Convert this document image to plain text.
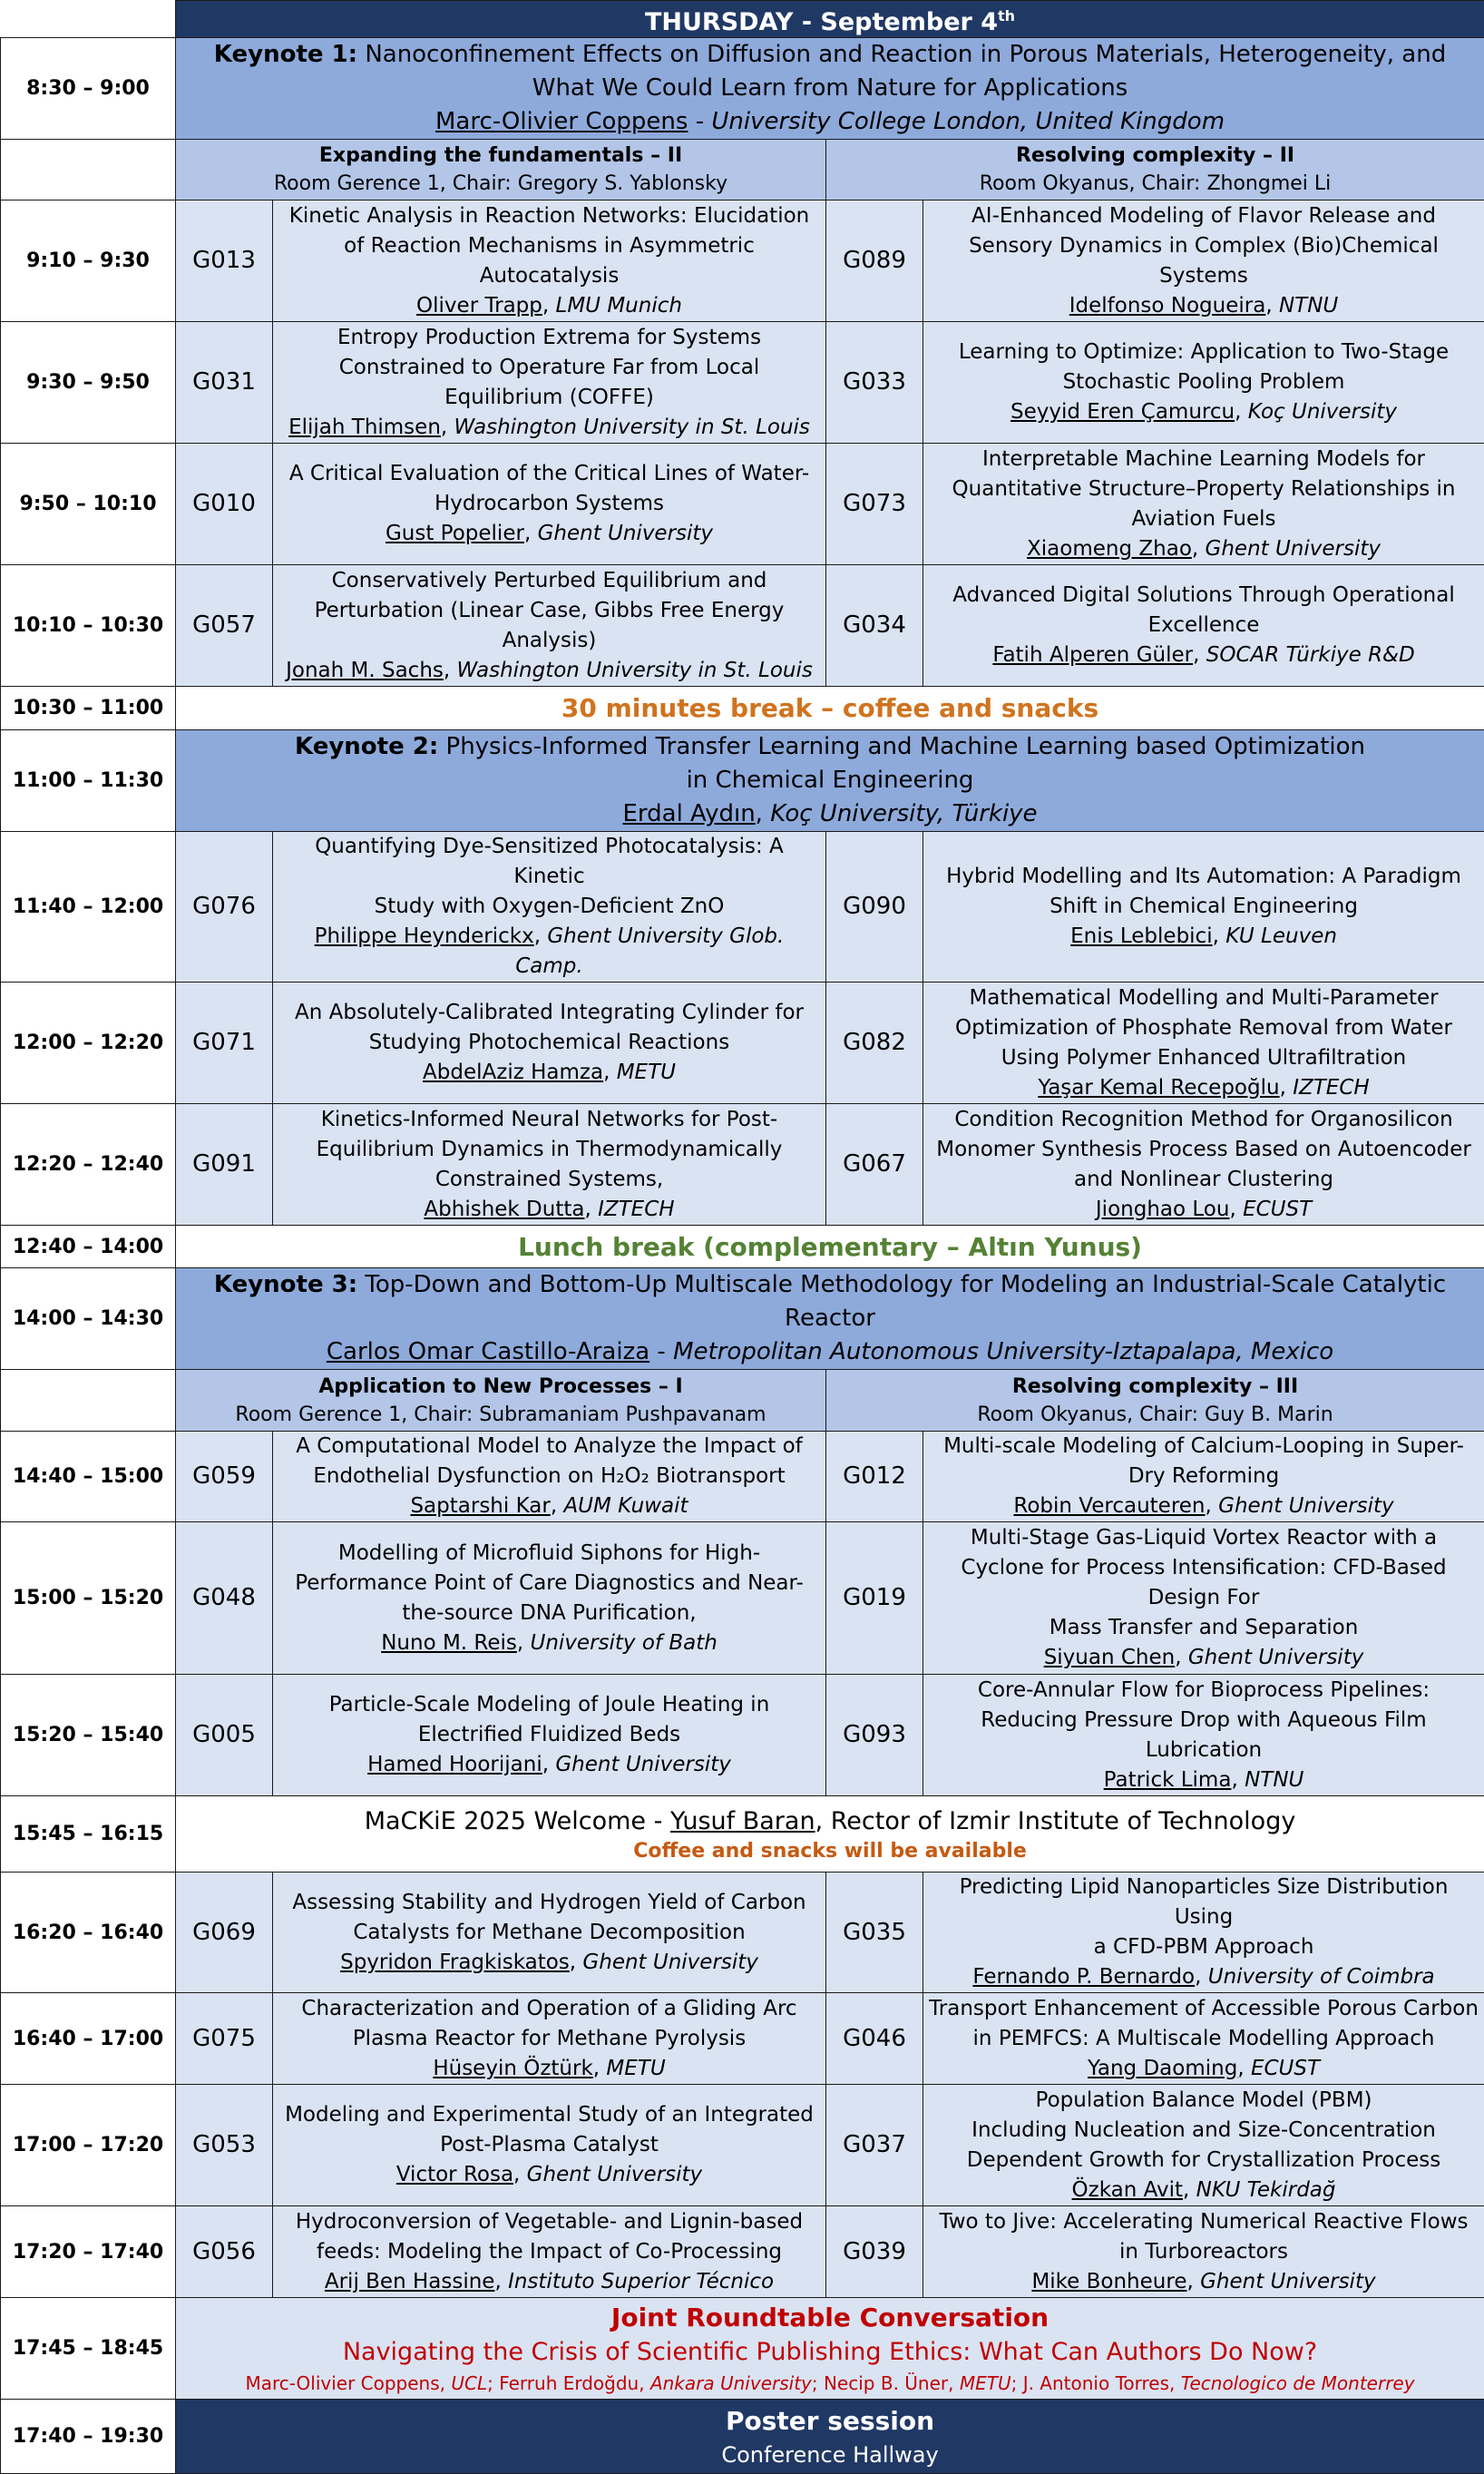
	THURSDAY - September 4th
8:30 – 9:00	Keynote 1: Nanoconfinement Effects on Diffusion and Reaction in Porous Materials, Heterogeneity, and What We Could Learn from Nature for Applications
Marc-Olivier Coppens - University College London, United Kingdom			

	Expanding the fundamentals – II
Room Gerence 1, Chair: Gregory S. Yablonsky		Resolving complexity – II
Room Okyanus, Chair: Zhongmei Li	

9:10 – 9:30	G013	Kinetic Analysis in Reaction Networks: Elucidation
of Reaction Mechanisms in Asymmetric
Autocatalysis
Oliver Trapp, LMU Munich	G089	AI-Enhanced Modeling of Flavor Release and
Sensory Dynamics in Complex (Bio)Chemical Systems
Idelfonso Nogueira, NTNU

9:30 – 9:50	G031	Entropy Production Extrema for Systems
Constrained to Operature Far from Local
Equilibrium (COFFE)
Elijah Thimsen, Washington University in St. Louis	G033	Learning to Optimize: Application to Two-Stage
Stochastic Pooling Problem
Seyyid Eren Çamurcu, Koç University

9:50 – 10:10	G010	A Critical Evaluation of the Critical Lines of Water-
Hydrocarbon Systems
Gust Popelier, Ghent University	G073	Interpretable Machine Learning Models for
Quantitative Structure–Property Relationships in
Aviation Fuels
Xiaomeng Zhao, Ghent University

10:10 – 10:30	G057	Conservatively Perturbed Equilibrium and
Perturbation (Linear Case, Gibbs Free Energy
Analysis)
Jonah M. Sachs, Washington University in St. Louis	G034	Advanced Digital Solutions Through Operational
Excellence
Fatih Alperen Güler, SOCAR Türkiye R&D

10:30 – 11:00	30 minutes break – coffee and snacks			
11:00 – 11:30	Keynote 2: Physics-Informed Transfer Learning and Machine Learning based Optimization
in Chemical Engineering
Erdal Aydın, Koç University, Türkiye			
11:40 – 12:00	G076	Quantifying Dye-Sensitized Photocatalysis: A Kinetic
Study with Oxygen-Deficient ZnO
Philippe Heynderickx, Ghent University Glob. Camp.	G090	Hybrid Modelling and Its Automation: A Paradigm
Shift in Chemical Engineering
Enis Leblebici, KU Leuven

12:00 – 12:20	G071	An Absolutely-Calibrated Integrating Cylinder for
Studying Photochemical Reactions
AbdelAziz Hamza, METU	G082	Mathematical Modelling and Multi-Parameter
Optimization of Phosphate Removal from Water
Using Polymer Enhanced Ultrafiltration
Yaşar Kemal Recepoğlu, IZTECH

12:20 – 12:40	G091	Kinetics-Informed Neural Networks for Post-
Equilibrium Dynamics in Thermodynamically
Constrained Systems,
Abhishek Dutta, IZTECH	G067	Condition Recognition Method for Organosilicon
Monomer Synthesis Process Based on Autoencoder
and Nonlinear Clustering
Jionghao Lou, ECUST

12:40 – 14:00	Lunch break (complementary – Altın Yunus)			
14:00 – 14:30	Keynote 3: Top-Down and Bottom-Up Multiscale Methodology for Modeling an Industrial-Scale Catalytic Reactor
Carlos Omar Castillo-Araiza - Metropolitan Autonomous University-Iztapalapa, Mexico			

	Application to New Processes – I
Room Gerence 1, Chair: Subramaniam Pushpavanam		Resolving complexity – III
Room Okyanus, Chair: Guy B. Marin	

14:40 – 15:00	G059	A Computational Model to Analyze the Impact of
Endothelial Dysfunction on H₂O₂ Biotransport
Saptarshi Kar, AUM Kuwait	G012	Multi-scale Modeling of Calcium-Looping in Super-
Dry Reforming
Robin Vercauteren, Ghent University

15:00 – 15:20	G048	Modelling of Microfluid Siphons for High-
Performance Point of Care Diagnostics and Near-
the-source DNA Purification,
Nuno M. Reis, University of Bath	G019	Multi-Stage Gas-Liquid Vortex Reactor with a
Cyclone for Process Intensification: CFD-Based
Design For
Mass Transfer and Separation
Siyuan Chen, Ghent University

15:20 – 15:40	G005	Particle-Scale Modeling of Joule Heating in
Electrified Fluidized Beds
Hamed Hoorijani, Ghent University	G093	Core-Annular Flow for Bioprocess Pipelines:
Reducing Pressure Drop with Aqueous Film
Lubrication
Patrick Lima, NTNU

15:45 – 16:15	MaCKiE 2025 Welcome - Yusuf Baran, Rector of Izmir Institute of Technology
Coffee and snacks will be available			

16:20 – 16:40	G069	Assessing Stability and Hydrogen Yield of Carbon
Catalysts for Methane Decomposition
Spyridon Fragkiskatos, Ghent University	G035	Predicting Lipid Nanoparticles Size Distribution Using
a CFD-PBM Approach
Fernando P. Bernardo, University of Coimbra

16:40 – 17:00	G075	Characterization and Operation of a Gliding Arc
Plasma Reactor for Methane Pyrolysis
Hüseyin Öztürk, METU	G046	Transport Enhancement of Accessible Porous Carbon
in PEMFCS: A Multiscale Modelling Approach
Yang Daoming, ECUST

17:00 – 17:20	G053	Modeling and Experimental Study of an Integrated
Post-Plasma Catalyst
Victor Rosa, Ghent University	G037	Population Balance Model (PBM)
Including Nucleation and Size-Concentration
Dependent Growth for Crystallization Process
Özkan Avit, NKU Tekirdağ

17:20 – 17:40	G056	Hydroconversion of Vegetable- and Lignin-based
feeds: Modeling the Impact of Co-Processing
Arij Ben Hassine, Instituto Superior Técnico	G039	Two to Jive: Accelerating Numerical Reactive Flows
in Turboreactors
Mike Bonheure, Ghent University

17:45 – 18:45	Joint Roundtable Conversation
Navigating the Crisis of Scientific Publishing Ethics: What Can Authors Do Now?
Marc-Olivier Coppens, UCL; Ferruh Erdoğdu, Ankara University; Necip B. Üner, METU; J. Antonio Torres, Tecnologico de Monterrey			

17:40 – 19:30	Poster session
Conference Hallway			
